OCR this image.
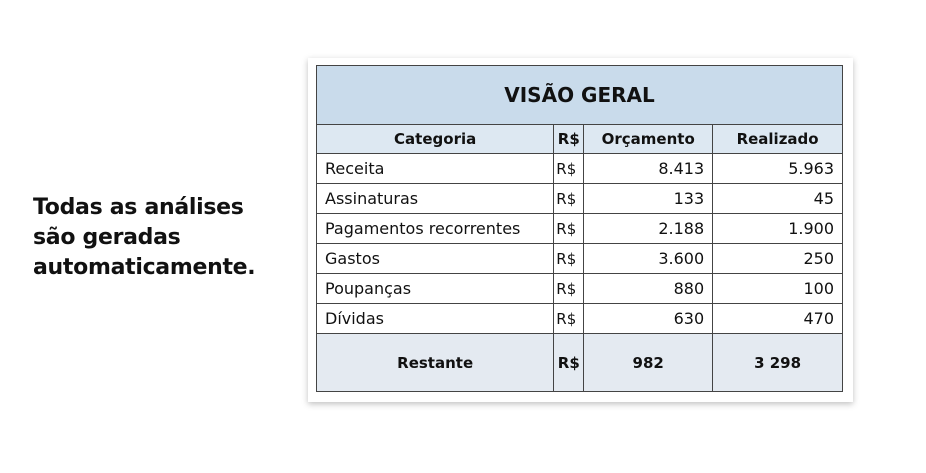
Todas as análises
são geradas
automaticamente.
VISÃO GERAL			
Categoria	R$	Orçamento	Realizado
Receita	R$	8.413	5.963
Assinaturas	R$	133	45
Pagamentos recorrentes	R$	2.188	1.900
Gastos	R$	3.600	250
Poupanças	R$	880	100
Dívidas	R$	630	470
Restante	R$	982	3 298
